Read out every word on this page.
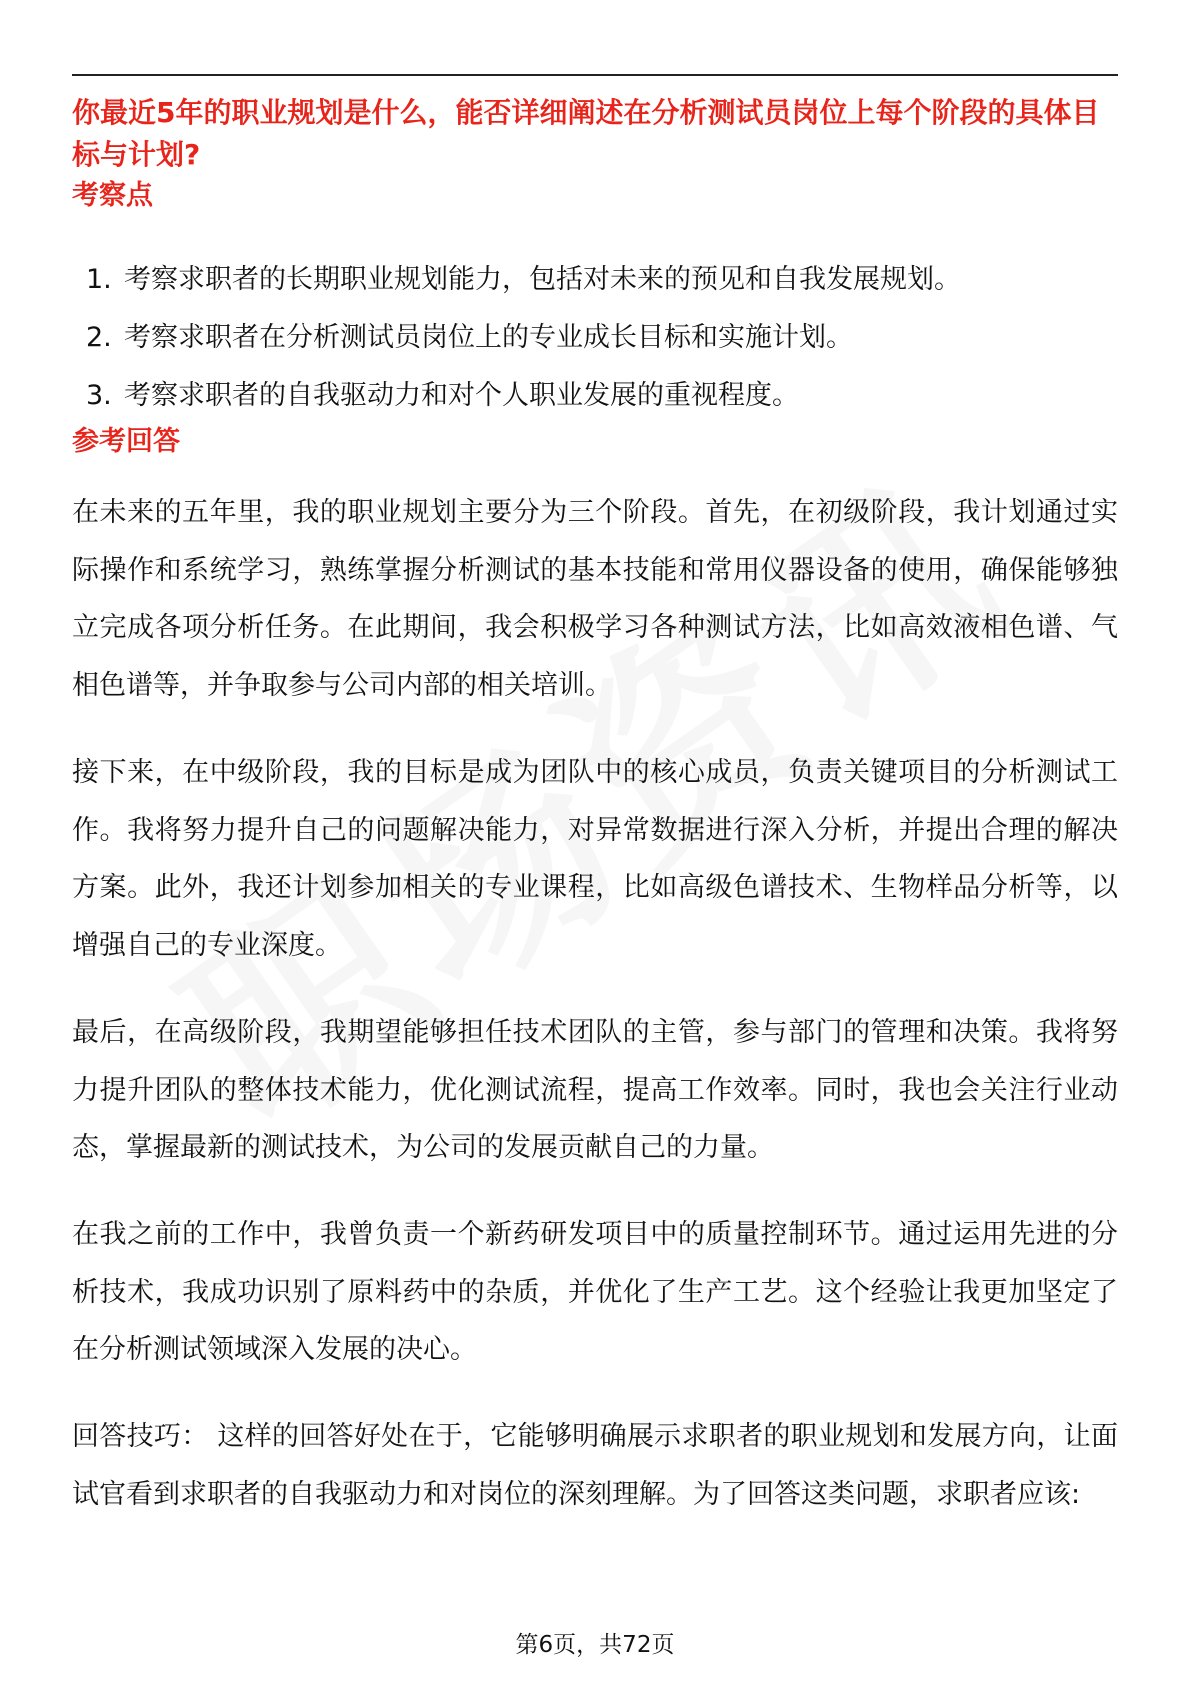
你最近5年的职业规划是什么，能否详细阐述在分析测试员岗位上每个阶段的具体目标与计划?
考察点
1. 考察求职者的长期职业规划能力，包括对未来的预见和自我发展规划。
2. 考察求职者在分析测试员岗位上的专业成长目标和实施计划。
3. 考察求职者的自我驱动力和对个人职业发展的重视程度。
参考回答

在未来的五年里，我的职业规划主要分为三个阶段。首先，在初级阶段，我计划通过实际操作和系统学习，熟练掌握分析测试的基本技能和常用仪器设备的使用，确保能够独立完成各项分析任务。在此期间，我会积极学习各种测试方法，比如高效液相色谱、气相色谱等，并争取参与公司内部的相关培训。

接下来，在中级阶段，我的目标是成为团队中的核心成员，负责关键项目的分析测试工作。我将努力提升自己的问题解决能力，对异常数据进行深入分析，并提出合理的解决方案。此外，我还计划参加相关的专业课程，比如高级色谱技术、生物样品分析等，以增强自己的专业深度。

最后，在高级阶段，我期望能够担任技术团队的主管，参与部门的管理和决策。我将努力提升团队的整体技术能力，优化测试流程，提高工作效率。同时，我也会关注行业动态，掌握最新的测试技术，为公司的发展贡献自己的力量。

在我之前的工作中，我曾负责一个新药研发项目中的质量控制环节。通过运用先进的分析技术，我成功识别了原料药中的杂质，并优化了生产工艺。这个经验让我更加坚定了在分析测试领域深入发展的决心。

回答技巧： 这样的回答好处在于，它能够明确展示求职者的职业规划和发展方向，让面试官看到求职者的自我驱动力和对岗位的深刻理解。为了回答这类问题，求职者应该:

第6页，共72页
